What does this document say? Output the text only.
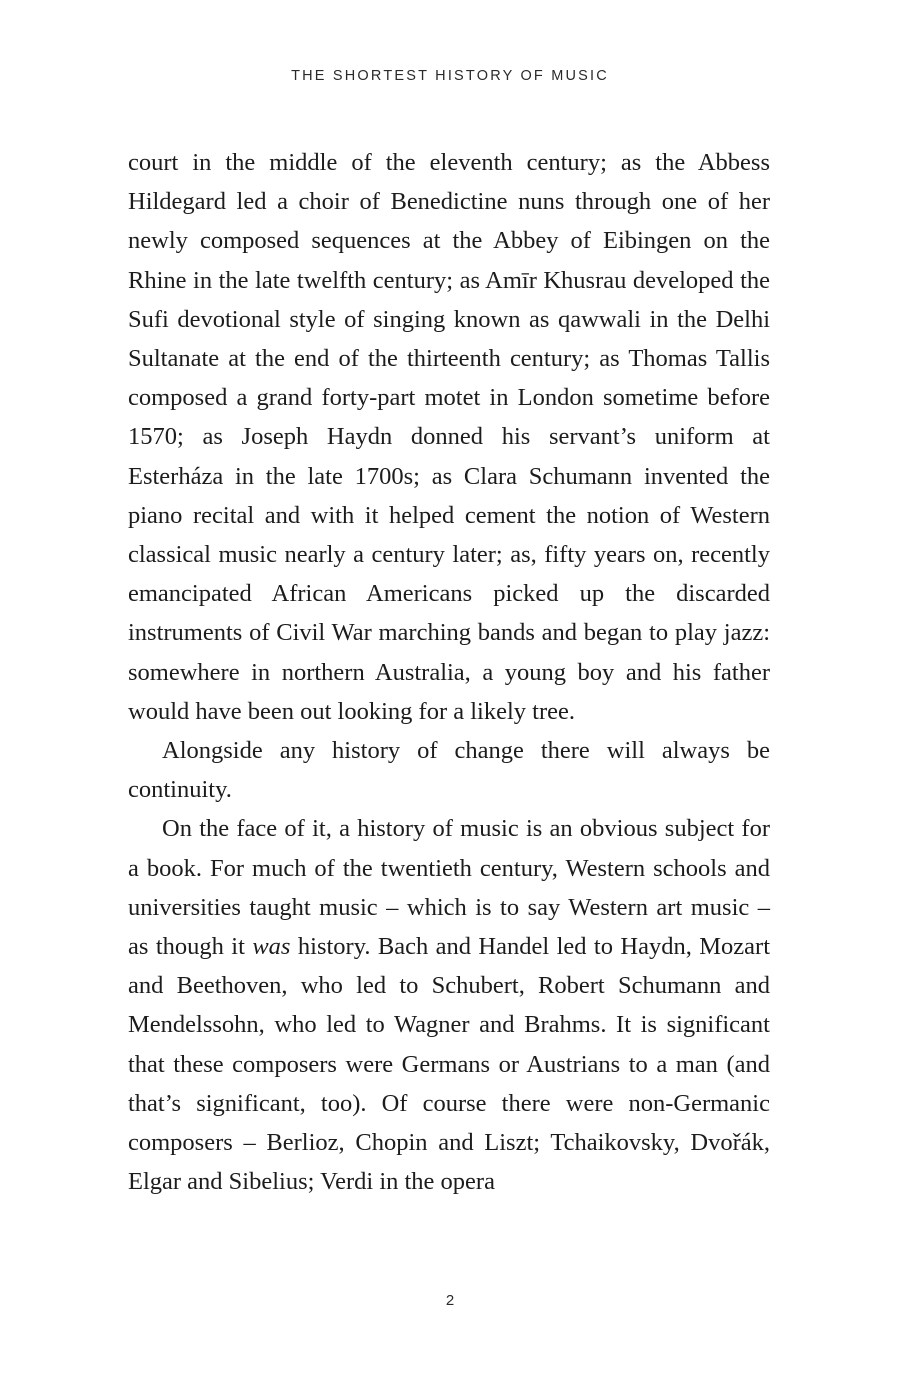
THE SHORTEST HISTORY OF MUSIC

court in the middle of the eleventh century; as the Abbess Hildegard led a choir of Benedictine nuns through one of her newly composed sequences at the Abbey of Eibingen on the Rhine in the late twelfth century; as Amīr Khusrau developed the Sufi devotional style of singing known as qawwali in the Delhi Sultanate at the end of the thirteenth century; as Thomas Tallis composed a grand forty-part motet in London sometime before 1570; as Joseph Haydn donned his servant’s uniform at Esterháza in the late 1700s; as Clara Schumann invented the piano recital and with it helped cement the notion of Western classical music nearly a century later; as, fifty years on, recently emancipated African Americans picked up the discarded instruments of Civil War marching bands and began to play jazz: somewhere in northern Australia, a young boy and his father would have been out looking for a likely tree.

Alongside any history of change there will always be continuity.

On the face of it, a history of music is an obvious subject for a book. For much of the twentieth century, Western schools and universities taught music – which is to say Western art music – as though it was history. Bach and Handel led to Haydn, Mozart and Beethoven, who led to Schubert, Robert Schumann and Mendelssohn, who led to Wagner and Brahms. It is significant that these composers were Germans or Austrians to a man (and that’s significant, too). Of course there were non-Germanic composers – Berlioz, Chopin and Liszt; Tchaikovsky, Dvořák, Elgar and Sibelius; Verdi in the opera

2
